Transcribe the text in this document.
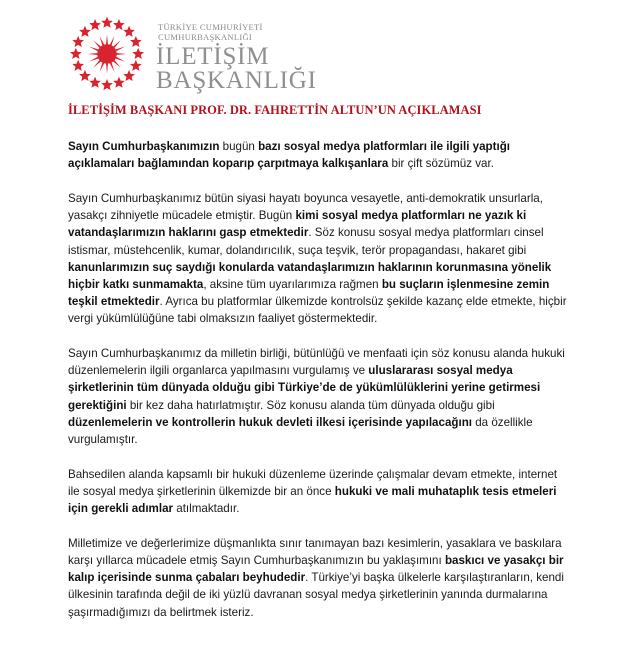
TÜRKİYE CUMHURİYETİ
CUMHURBAŞKANLIĞI
İLETİŞİM
BAŞKANLIĞI
İLETİŞİM BAŞKANI PROF. DR. FAHRETTİN ALTUN’UN AÇIKLAMASI

Sayın Cumhurbaşkanımızın bugün bazı sosyal medya platformları ile ilgili yaptığı açıklamaları bağlamından koparıp çarpıtmaya kalkışanlara bir çift sözümüz var.

Sayın Cumhurbaşkanımız bütün siyasi hayatı boyunca vesayetle, anti-demokratik unsurlarla, yasakçı zihniyetle mücadele etmiştir. Bugün kimi sosyal medya platformları ne yazık ki vatandaşlarımızın haklarını gasp etmektedir. Söz konusu sosyal medya platformları cinsel istismar, müstehcenlik, kumar, dolandırıcılık, suça teşvik, terör propagandası, hakaret gibi kanunlarımızın suç saydığı konularda vatandaşlarımızın haklarının korunmasına yönelik hiçbir katkı sunmamakta, aksine tüm uyarılarımıza rağmen bu suçların işlenmesine zemin teşkil etmektedir. Ayrıca bu platformlar ülkemizde kontrolsüz şekilde kazanç elde etmekte, hiçbir vergi yükümlülüğüne tabi olmaksızın faaliyet göstermektedir.

Sayın Cumhurbaşkanımız da milletin birliği, bütünlüğü ve menfaati için söz konusu alanda hukuki düzenlemelerin ilgili organlarca yapılmasını vurgulamış ve uluslararası sosyal medya şirketlerinin tüm dünyada olduğu gibi Türkiye’de de yükümlülüklerini yerine getirmesi gerektiğini bir kez daha hatırlatmıştır. Söz konusu alanda tüm dünyada olduğu gibi düzenlemelerin ve kontrollerin hukuk devleti ilkesi içerisinde yapılacağını da özellikle vurgulamıştır.

Bahsedilen alanda kapsamlı bir hukuki düzenleme üzerinde çalışmalar devam etmekte, internet ile sosyal medya şirketlerinin ülkemizde bir an önce hukuki ve mali muhataplık tesis etmeleri için gerekli adımlar atılmaktadır.

Milletimize ve değerlerimize düşmanlıkta sınır tanımayan bazı kesimlerin, yasaklara ve baskılara karşı yıllarca mücadele etmiş Sayın Cumhurbaşkanımızın bu yaklaşımını baskıcı ve yasakçı bir kalıp içerisinde sunma çabaları beyhudedir. Türkiye’yi başka ülkelerle karşılaştıranların, kendi ülkesinin tarafında değil de iki yüzlü davranan sosyal medya şirketlerinin yanında durmalarına şaşırmadığımızı da belirtmek isteriz.
